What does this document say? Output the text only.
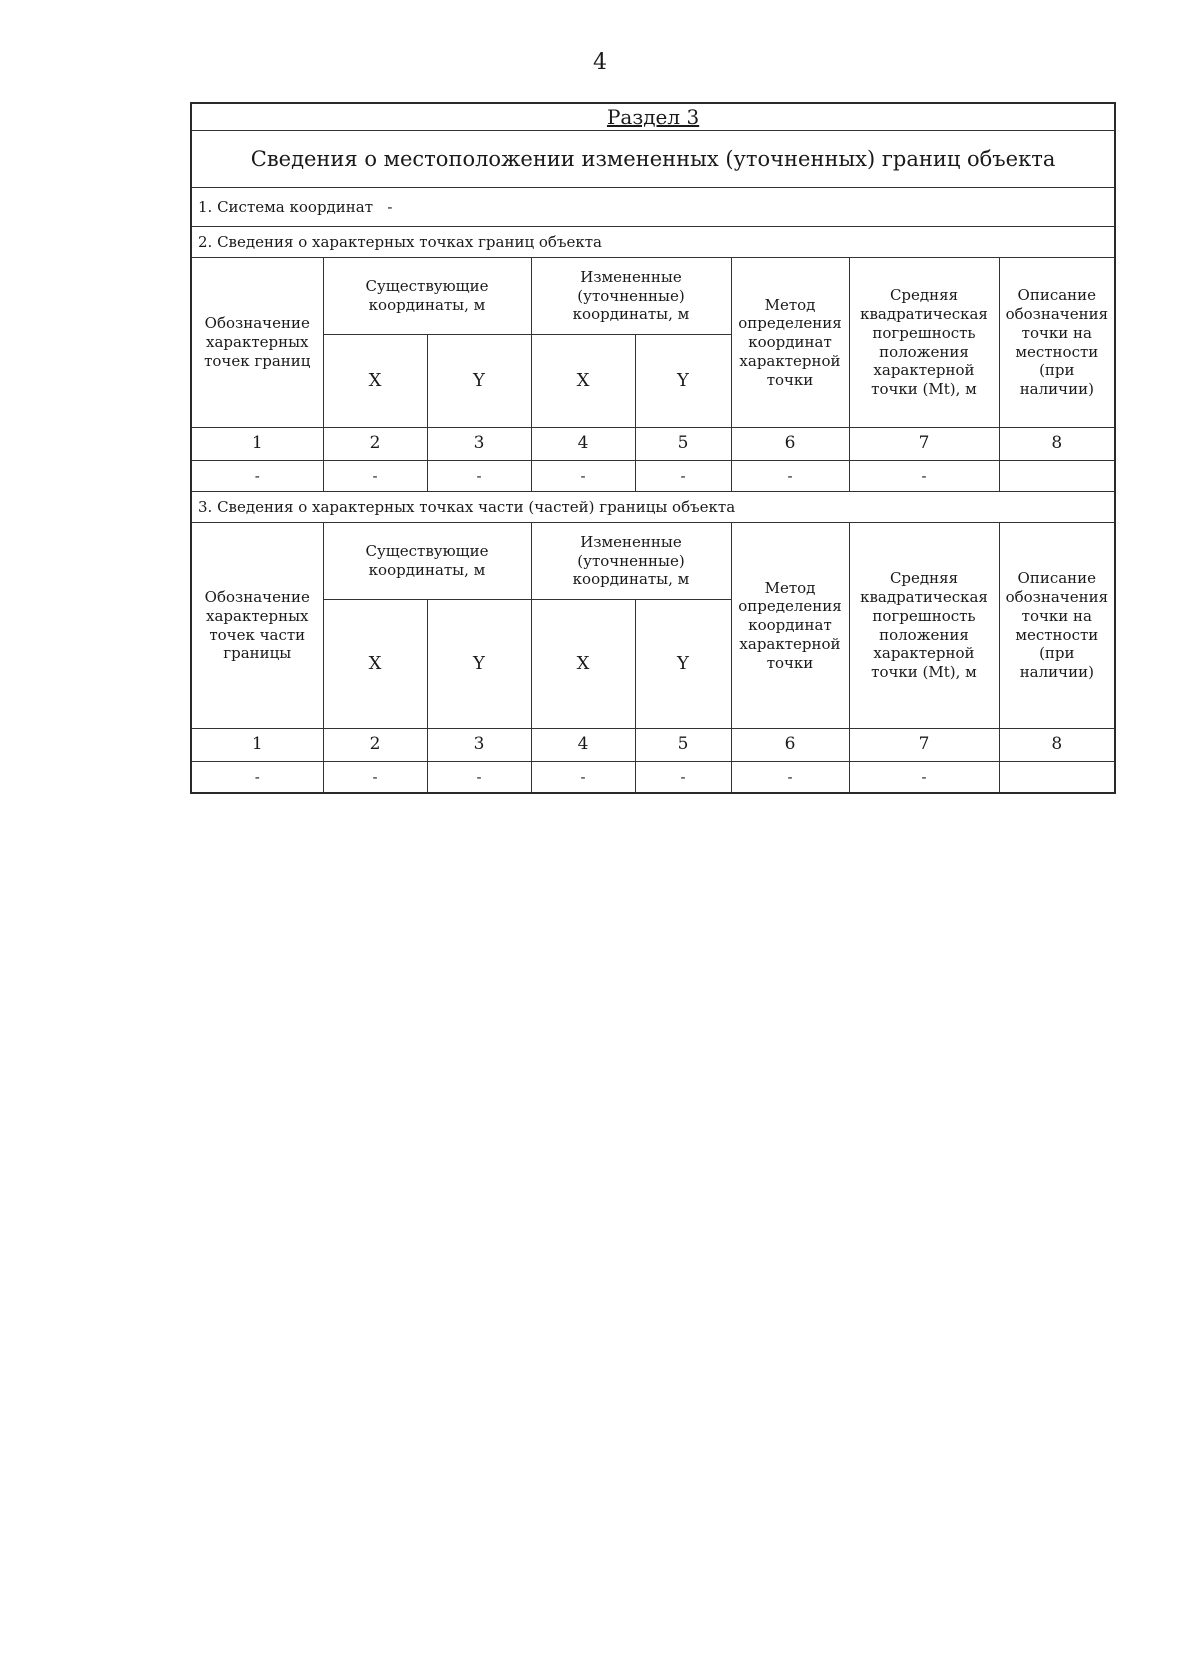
4
Раздел 3							
Сведения о местоположении измененных (уточненных) границ объекта							
1. Система координат -							
2. Сведения о характерных точках границ объекта							
Обозначение характерных точек границ	Существующие координаты, м		Измененные (уточненные) координаты, м		Метод определения координат характерной точки	Средняя квадратическая погрешность положения характерной точки (Mt), м	Описание обозначения точки на местности (при наличии)
	X	Y	X	Y			
1	2	3	4	5	6	7	8
-	-	-	-	-	-	-	
3. Сведения о характерных точках части (частей) границы объекта							
Обозначение характерных точек части границы	Существующие координаты, м		Измененные (уточненные) координаты, м		Метод определения координат характерной точки	Средняя квадратическая погрешность положения характерной точки (Mt), м	Описание обозначения точки на местности (при наличии)
	X	Y	X	Y			
1	2	3	4	5	6	7	8
-	-	-	-	-	-	-	
